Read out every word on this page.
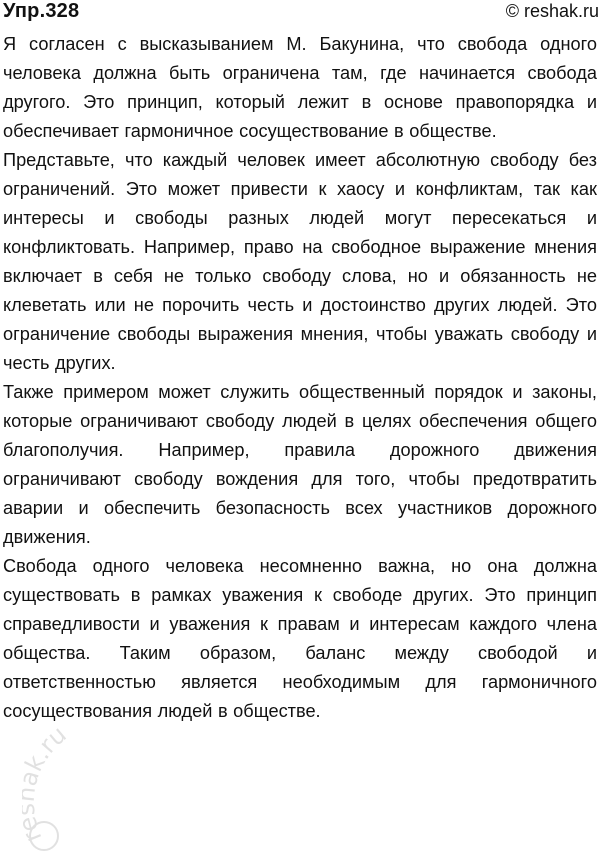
Упр.328	© reshak.ru

Я согласен с высказыванием М. Бакунина, что свобода одного человека должна быть ограничена там, где начинается свобода другого. Это принцип, который лежит в основе правопорядка и обеспечивает гармоничное сосуществование в обществе.

Представьте, что каждый человек имеет абсолютную свободу без ограничений. Это может привести к хаосу и конфликтам, так как интересы и свободы разных людей могут пересекаться и конфликтовать. Например, право на свободное выражение мнения включает в себя не только свободу слова, но и обязанность не клеветать или не порочить честь и достоинство других людей. Это ограничение свободы выражения мнения, чтобы уважать свободу и честь других.

Также примером может служить общественный порядок и законы, которые ограничивают свободу людей в целях обеспечения общего благополучия. Например, правила дорожного движения ограничивают свободу вождения для того, чтобы предотвратить аварии и обеспечить безопасность всех участников дорожного движения.

Свобода одного человека несомненно важна, но она должна существовать в рамках уважения к свободе других. Это принцип справедливости и уважения к правам и интересам каждого члена общества. Таким образом, баланс между свободой и ответственностью является необходимым для гармоничного сосуществования людей в обществе.

k.ru
